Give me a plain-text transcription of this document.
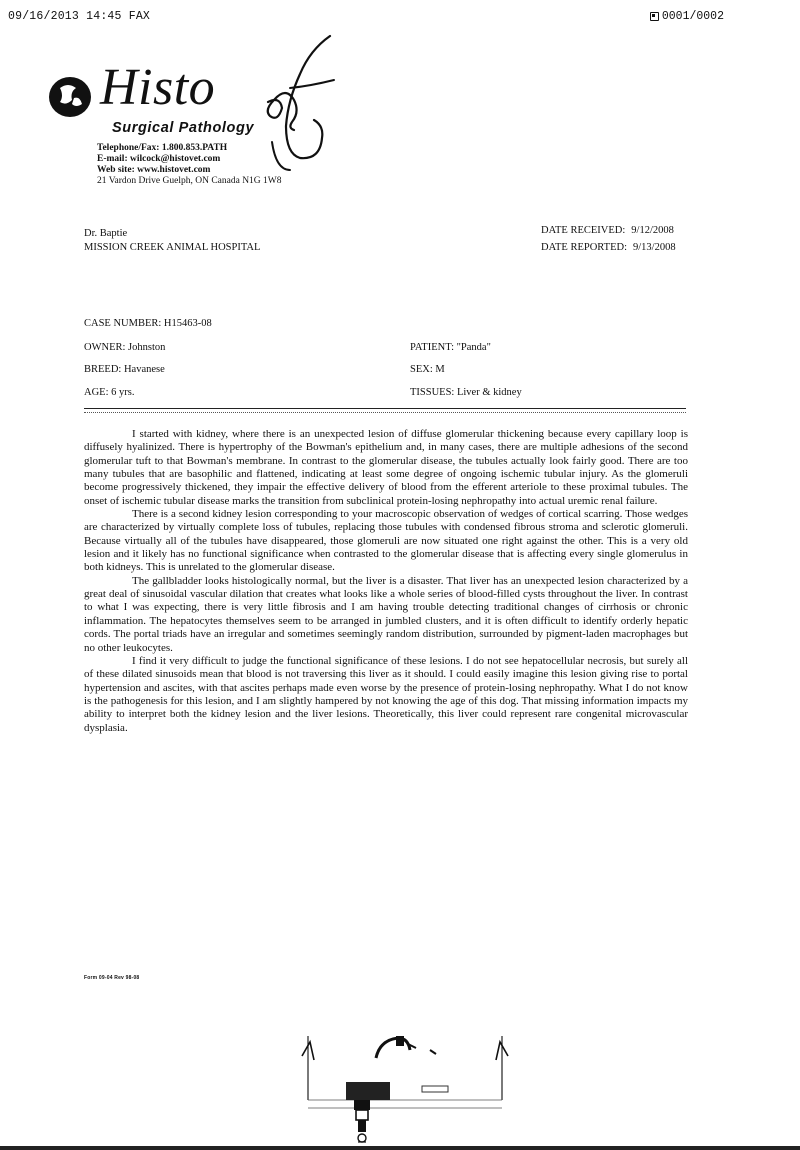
09/16/2013 14:45 FAX	0001/0002
Histo
Surgical Pathology
Telephone/Fax: 1.800.853.PATH
E-mail: wilcock@histovet.com
Web site: www.histovet.com
21 Vardon Drive Guelph, ON Canada N1G 1W8
Dr. Baptie
MISSION CREEK ANIMAL HOSPITAL
DATE RECEIVED: 9/12/2008
DATE REPORTED: 9/13/2008
CASE NUMBER: H15463-08
OWNER: Johnston
BREED: Havanese
AGE: 6 yrs.
PATIENT: "Panda"
SEX: M
TISSUES: Liver & kidney

I started with kidney, where there is an unexpected lesion of diffuse glomerular thickening because every capillary loop is diffusely hyalinized. There is hypertrophy of the Bowman's epithelium and, in many cases, there are multiple adhesions of the second glomerular tuft to that Bowman's membrane. In contrast to the glomerular disease, the tubules actually look fairly good. There are too many tubules that are basophilic and flattened, indicating at least some degree of ongoing ischemic tubular injury. As the glomeruli become progressively thickened, they impair the effective delivery of blood from the efferent arteriole to these proximal tubules. The onset of ischemic tubular disease marks the transition from subclinical protein-losing nephropathy into actual uremic renal failure.

There is a second kidney lesion corresponding to your macroscopic observation of wedges of cortical scarring. Those wedges are characterized by virtually complete loss of tubules, replacing those tubules with condensed fibrous stroma and sclerotic glomeruli. Because virtually all of the tubules have disappeared, those glomeruli are now situated one right against the other. This is a very old lesion and it likely has no functional significance when contrasted to the glomerular disease that is affecting every single glomerulus in both kidneys. This is unrelated to the glomerular disease.

The gallbladder looks histologically normal, but the liver is a disaster. That liver has an unexpected lesion characterized by a great deal of sinusoidal vascular dilation that creates what looks like a whole series of blood-filled cysts throughout the liver. In contrast to what I was expecting, there is very little fibrosis and I am having trouble detecting traditional changes of cirrhosis or chronic inflammation. The hepatocytes themselves seem to be arranged in jumbled clusters, and it is often difficult to identify orderly hepatic cords. The portal triads have an irregular and sometimes seemingly random distribution, surrounded by pigment-laden macrophages but no other leukocytes.

I find it very difficult to judge the functional significance of these lesions. I do not see hepatocellular necrosis, but surely all of these dilated sinusoids mean that blood is not traversing this liver as it should. I could easily imagine this lesion giving rise to portal hypertension and ascites, with that ascites perhaps made even worse by the presence of protein-losing nephropathy. What I do not know is the pathogenesis for this lesion, and I am slightly hampered by not knowing the age of this dog. That missing information impacts my ability to interpret both the kidney lesion and the liver lesions. Theoretically, this liver could represent rare congenital microvascular dysplasia.

Form 09-04 Rev 98-08
